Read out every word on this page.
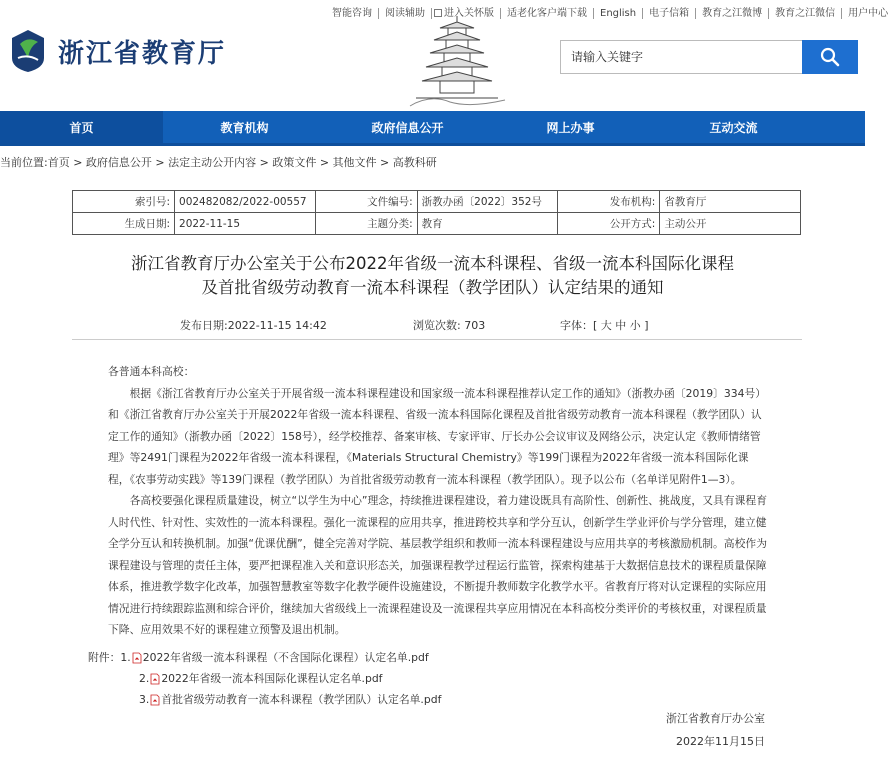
智能咨询	阅读辅助	进入关怀版	适老化客户端下载	English	电子信箱	教育之江微博	教育之江微信	用户中心
浙江省教育厅
请输入关键字
首页	教育机构	政府信息公开	网上办事	互动交流
当前位置:首页 > 政府信息公开 > 法定主动公开内容 > 政策文件 > 其他文件 > 高教科研
索引号:	002482082/2022-00557	文件编号:	浙教办函〔2022〕352号	发布机构:	省教育厅
生成日期:	2022-11-15	主题分类:	教育	公开方式:	主动公开
浙江省教育厅办公室关于公布2022年省级一流本科课程、省级一流本科国际化课程
及首批省级劳动教育一流本科课程（教学团队）认定结果的通知
发布日期:2022-11-15 14:42	浏览次数: 703	字体：[ 大 中 小 ]

各普通本科高校：

根据《浙江省教育厅办公室关于开展省级一流本科课程建设和国家级一流本科课程推荐认定工作的通知》（浙教办函〔2019〕334号）和《浙江省教育厅办公室关于开展2022年省级一流本科课程、省级一流本科国际化课程及首批省级劳动教育一流本科课程（教学团队）认定工作的通知》（浙教办函〔2022〕158号），经学校推荐、备案审核、专家评审、厅长办公会议审议及网络公示，决定认定《教师情绪管理》等2491门课程为2022年省级一流本科课程，《Materials Structural Chemistry》等199门课程为2022年省级一流本科国际化课程，《农事劳动实践》等139门课程（教学团队）为首批省级劳动教育一流本科课程（教学团队）。现予以公布（名单详见附件1—3）。

各高校要强化课程质量建设，树立“以学生为中心”理念，持续推进课程建设，着力建设既具有高阶性、创新性、挑战度，又具有课程育人时代性、针对性、实效性的一流本科课程。强化一流课程的应用共享，推进跨校共享和学分互认，创新学生学业评价与学分管理，建立健全学分互认和转换机制。加强“优课优酬”，健全完善对学院、基层教学组织和教师一流本科课程建设与应用共享的考核激励机制。高校作为课程建设与管理的责任主体，要严把课程准入关和意识形态关，加强课程教学过程运行监管，探索构建基于大数据信息技术的课程质量保障体系，推进教学数字化改革，加强智慧教室等数字化教学硬件设施建设，不断提升教师数字化教学水平。省教育厅将对认定课程的实际应用情况进行持续跟踪监测和综合评价，继续加大省级线上一流课程建设及一流课程共享应用情况在本科高校分类评价的考核权重，对课程质量下降、应用效果不好的课程建立预警及退出机制。

附件： 1. 2022年省级一流本科课程（不含国际化课程）认定名单.pdf
2. 2022年省级一流本科国际化课程认定名单.pdf
3. 首批省级劳动教育一流本科课程（教学团队）认定名单.pdf
浙江省教育厅办公室
2022年11月15日
